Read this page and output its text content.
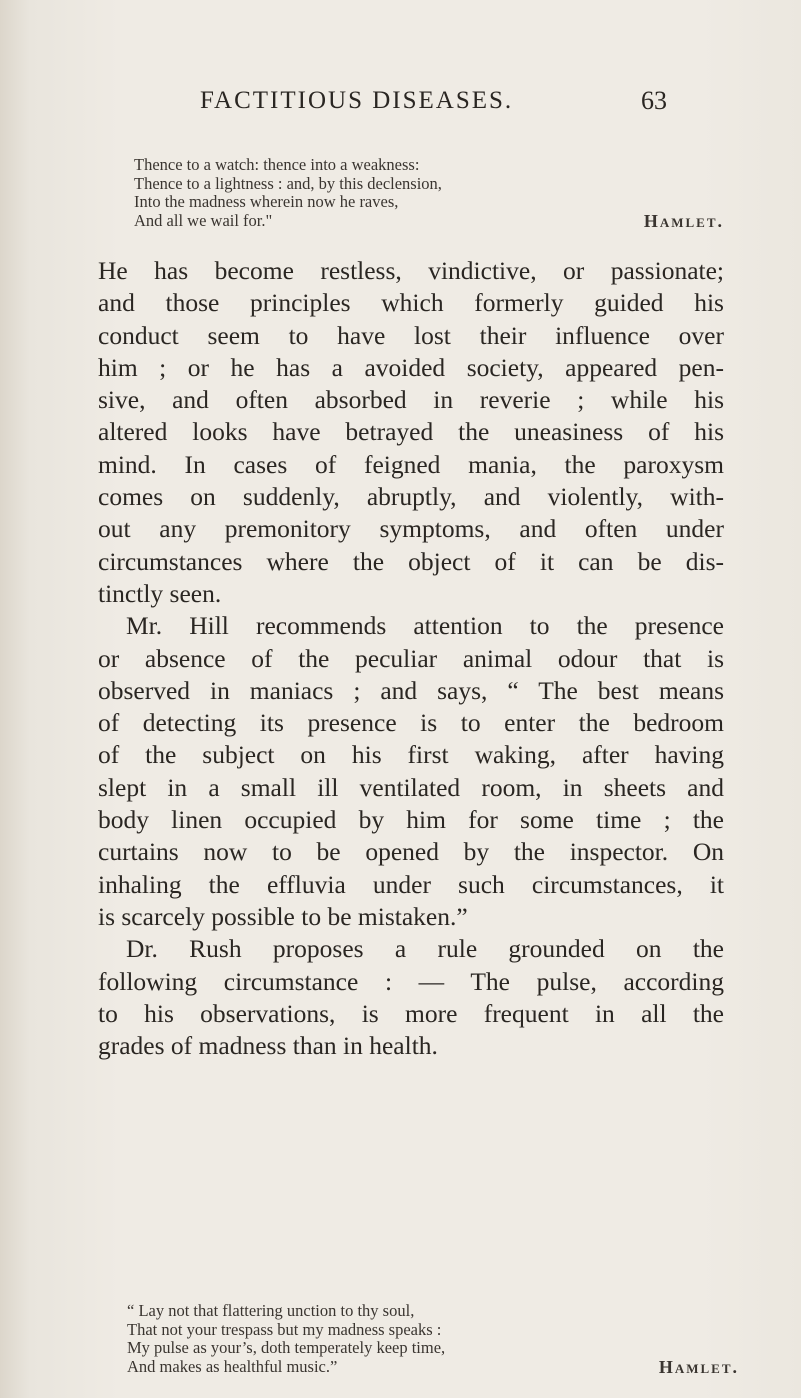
FACTITIOUS DISEASES.	63
Thence to a watch: thence into a weakness:
Thence to a lightness : and, by this declension,
Into the madness wherein now he raves,
And all we wail for."	Hamlet.

He has become restless, vindictive, or passionate;
and those principles which formerly guided his
conduct seem to have lost their influence over
him ; or he has a avoided society, appeared pen-
sive, and often absorbed in reverie ; while his
altered looks have betrayed the uneasiness of his
mind. In cases of feigned mania, the paroxysm
comes on suddenly, abruptly, and violently, with-
out any premonitory symptoms, and often under
circumstances where the object of it can be dis-
tinctly seen.

Mr. Hill recommends attention to the presence
or absence of the peculiar animal odour that is
observed in maniacs ; and says, “ The best means
of detecting its presence is to enter the bedroom
of the subject on his first waking, after having
slept in a small ill ventilated room, in sheets and
body linen occupied by him for some time ; the
curtains now to be opened by the inspector. On
inhaling the effluvia under such circumstances, it
is scarcely possible to be mistaken.”

Dr. Rush proposes a rule grounded on the
following circumstance : — The pulse, according
to his observations, is more frequent in all the
grades of madness than in health.

“ Lay not that flattering unction to thy soul,
That not your trespass but my madness speaks :
My pulse as your’s, doth temperately keep time,
And makes as healthful music.”	Hamlet.
